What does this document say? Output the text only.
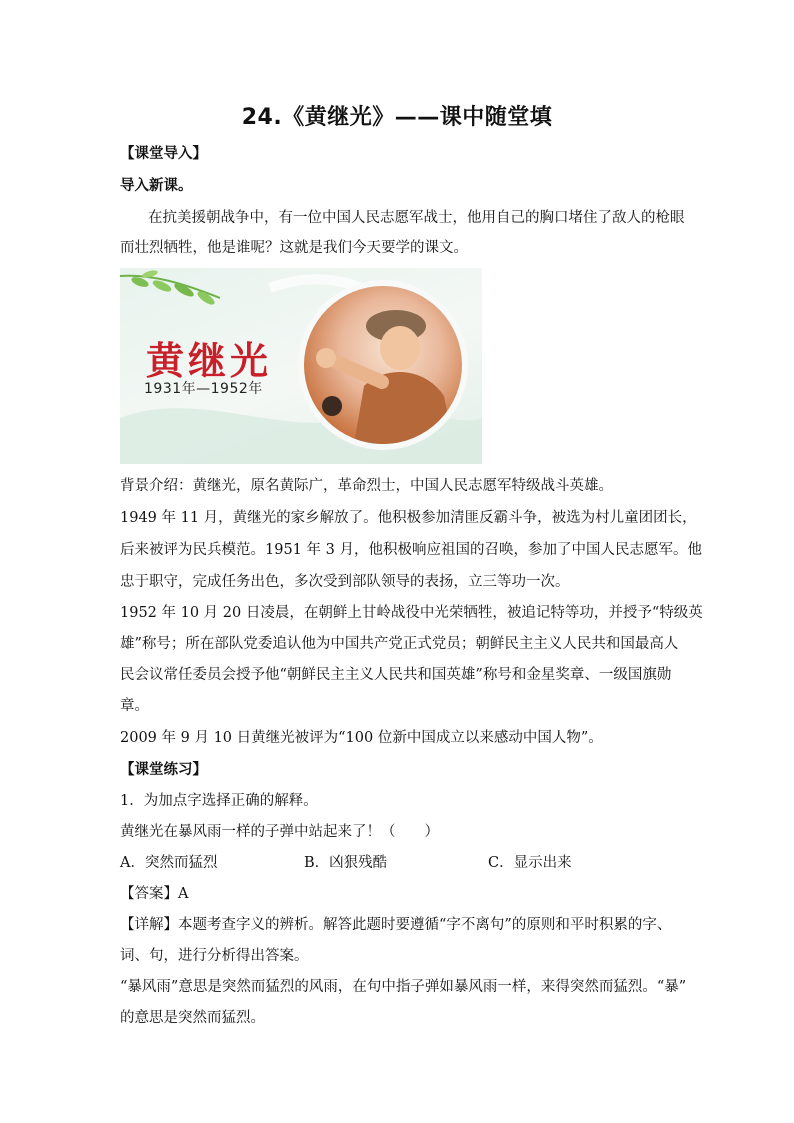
24.《黄继光》——课中随堂填
【课堂导入】
导入新课。
在抗美援朝战争中，有一位中国人民志愿军战士，他用自己的胸口堵住了敌人的枪眼
而壮烈牺牲，他是谁呢？这就是我们今天要学的课文。
黄继光
1931年—1952年
背景介绍：黄继光，原名黄际广，革命烈士，中国人民志愿军特级战斗英雄。
1949 年 11 月，黄继光的家乡解放了。他积极参加清匪反霸斗争，被选为村儿童团团长，
后来被评为民兵模范。1951 年 3 月，他积极响应祖国的召唤，参加了中国人民志愿军。他
忠于职守，完成任务出色，多次受到部队领导的表扬，立三等功一次。
1952 年 10 月 20 日凌晨，在朝鲜上甘岭战役中光荣牺牲，被追记特等功，并授予“特级英
雄”称号；所在部队党委追认他为中国共产党正式党员；朝鲜民主主义人民共和国最高人
民会议常任委员会授予他“朝鲜民主主义人民共和国英雄”称号和金星奖章、一级国旗勋
章。
2009 年 9 月 10 日黄继光被评为“100 位新中国成立以来感动中国人物”。
【课堂练习】
1．为加点字选择正确的解释。
黄继光在暴风雨一样的子弹中站起来了！（　　）
A．突然而猛烈	B．凶狠残酷	C．显示出来
【答案】A
【详解】本题考查字义的辨析。解答此题时要遵循“字不离句”的原则和平时积累的字、
词、句，进行分析得出答案。
“暴风雨”意思是突然而猛烈的风雨，在句中指子弹如暴风雨一样，来得突然而猛烈。“暴”
的意思是突然而猛烈。
